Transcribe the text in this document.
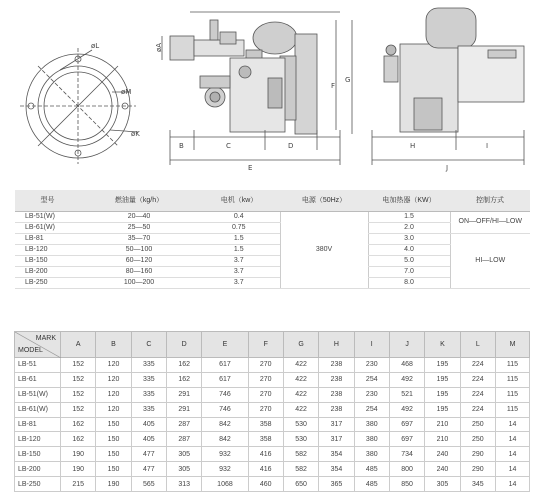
øL
øM
øK
øA
B	C	D
E
F
G
H	I
J
型号	燃油量（kg/h）	电机（kw）	电源（50Hz）	电加热器（KW）	控制方式
LB-51(W)	20—40	0.4	380V	1.5	ON—OFF/HI—LOW
LB-61(W)	25—50	0.75		2.0	
LB-81	35—70	1.5		3.0	HI—LOW
LB-120	50—100	1.5		4.0	
LB-150	60—120	3.7		5.0	
LB-200	80—160	3.7		7.0	
LB-250	100—200	3.7		8.0	
MARK
MODEL	A	B	C	D	E	F	G	H	I	J	K	L	M
LB-51	152	120	335	162	617	270	422	238	230	468	195	224	115
LB-61	152	120	335	162	617	270	422	238	254	492	195	224	115
LB-51(W)	152	120	335	291	746	270	422	238	230	521	195	224	115
LB-61(W)	152	120	335	291	746	270	422	238	254	492	195	224	115
LB-81	162	150	405	287	842	358	530	317	380	697	210	250	14
LB-120	162	150	405	287	842	358	530	317	380	697	210	250	14
LB-150	190	150	477	305	932	416	582	354	380	734	240	290	14
LB-200	190	150	477	305	932	416	582	354	485	800	240	290	14
LB-250	215	190	565	313	1068	460	650	365	485	850	305	345	14
